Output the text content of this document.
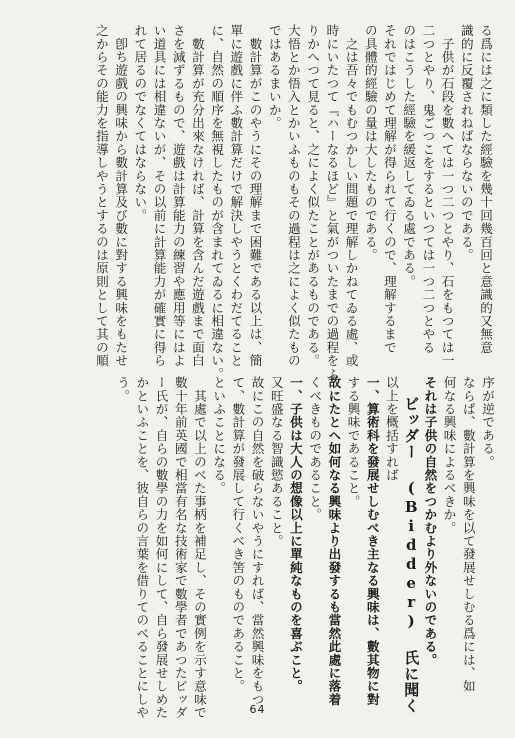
る爲には之に類した經驗を幾十回幾百回と意識的又無意
識的に反覆されねばならないのである。
　子供が石段を數へては一つ二つとやり、石をもつては一
二つとやり、鬼ごつこをするといつては一つ二つとやる
のはこうした經驗を緩返してゐる處である。
それではじめて理解が得られて行くので、理解するまで
の具體的經驗の量は大したものである。
　之は吾々でもむつかしい問題で理解しかねてゐる處、或
時にいたつて『ハーなるほど』と氣がついたまでの過程をふ
りかへつて見ると、之によく似たことがあるものである。
大悟とか悟入とかいふものもその過程は之によく似たもの
ではあるまいか。
　數計算がこのやうにその理解まで困難である以上は、簡
單に遊戲に伴ふ數計算だけで解決しやうとくわだてること
に、自然の順序を無視したものが含まれてゐるに相違ない。
　數計算が充分出來なければ、計算を含んだ遊戲まで面白
さを減ずるもので、遊戲は計算能力の練習や應用等にはよ
い道具には相違ないが、その以前に計算能力が確實に得ら
れて居るのでなくてはならない。
　卽ち遊戲の興味から數計算及び數に對する興味をもたせ
之からその能力を指導しやうとするのは原則として其の順
序が逆である。
ならば、數計算を興味を以て發展せしむる爲には、如
何なる興味によるべきか。
それは子供の自然をつかむより外ないのである。
ビッダー (Bidder) 氏に聞く
以上を概括すれば
一、算術科を發展せしむべき主なる興味は、數其物に對
する興味であること。
故にたとへ如何なる興味より出發するも當然此處に落着
くべきものであること。
一、子供は大人の想像以上に單純なものを喜ぶこと。
又旺盛なる智識慾あること。
故にこの自然を破らないやうにすれば、當然興味をもつ
て、數計算が發展して行くべき筈のものであること。
といふことになる。
　其處で以上のべた事柄を補足し、その實例を示す意味で
數十年前英國で相當有名な技術家で數學者であつたビッダ
ー氏が、自らの數學の力を如何にして、自ら發展せしめた
かといふことを、彼自らの言葉を借りてのべることにしや
う。
64
